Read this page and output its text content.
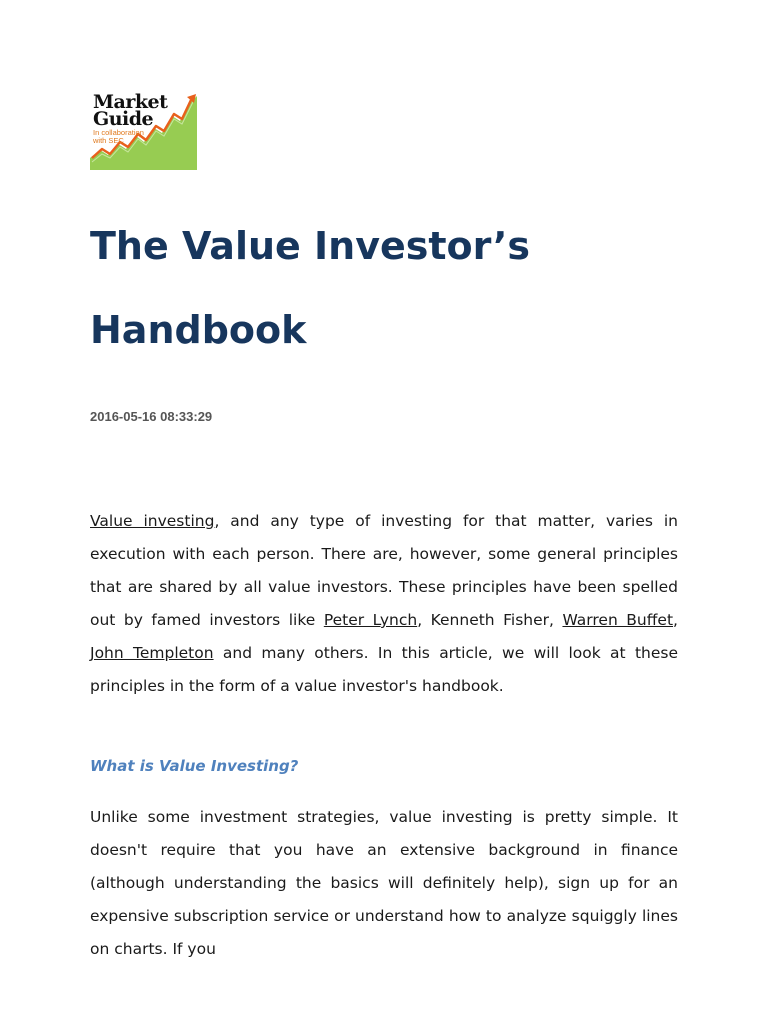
Market
Guide
In collaboration
with SEC
The Value Investor’s
Handbook
2016-05-16 08:33:29

Value investing, and any type of investing for that matter, varies in execution with each person. There are, however, some general principles that are shared by all value investors. These principles have been spelled out by famed investors like Peter Lynch, Kenneth Fisher, Warren Buffet, John Templeton and many others. In this article, we will look at these principles in the form of a value investor's handbook.

What is Value Investing?

Unlike some investment strategies, value investing is pretty simple. It doesn't require that you have an extensive background in finance (although understanding the basics will definitely help), sign up for an expensive subscription service or understand how to analyze squiggly lines on charts. If you
